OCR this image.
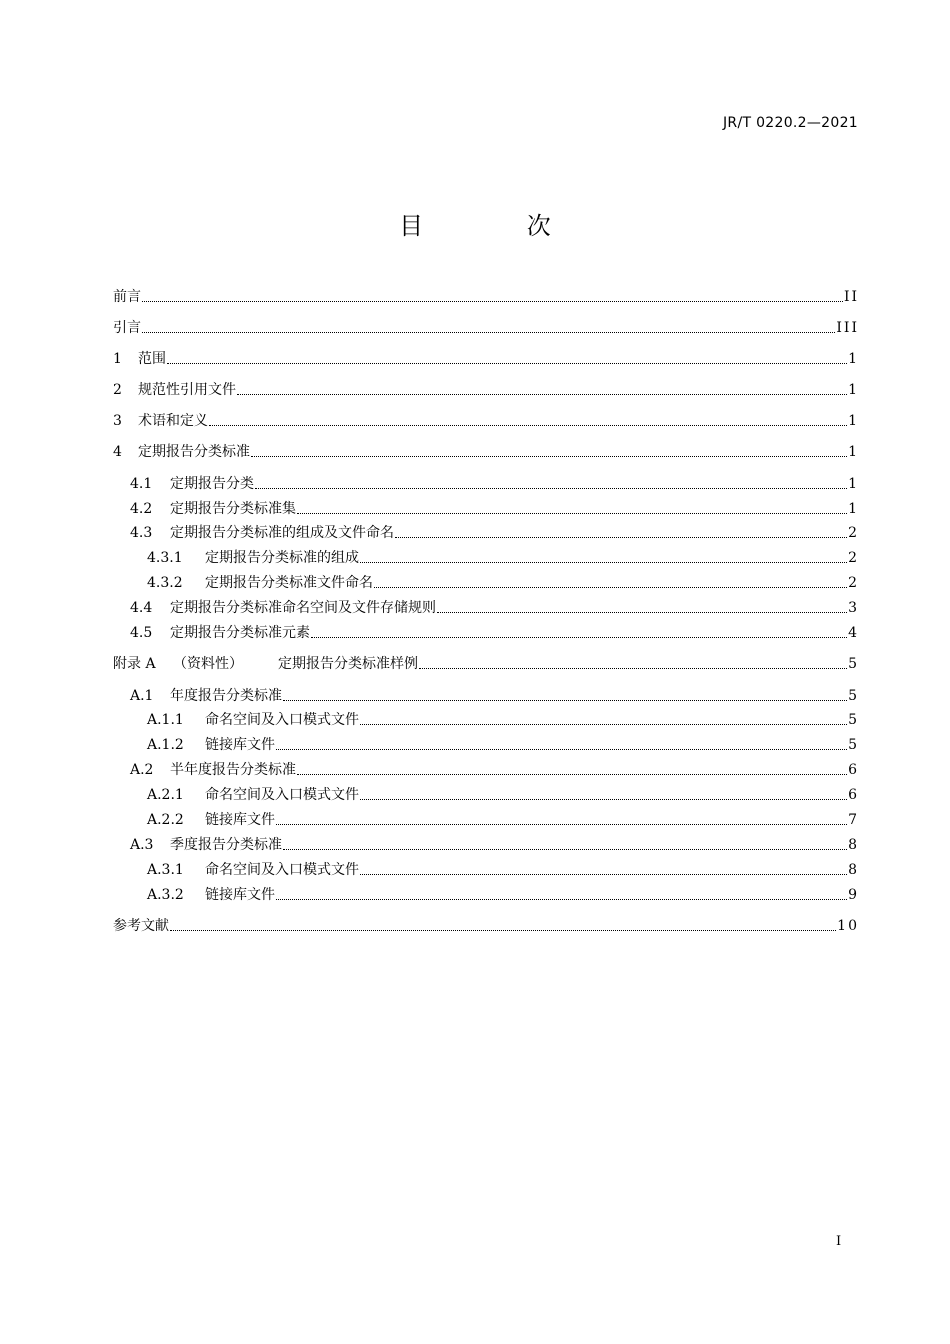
JR/T 0220.2—2021
目 次
前言	II
引言	III
1	范围	1
2	规范性引用文件	1
3	术语和定义	1
4	定期报告分类标准	1
4.1	定期报告分类	1
4.2	定期报告分类标准集	1
4.3	定期报告分类标准的组成及文件命名	2
4.3.1	定期报告分类标准的组成	2
4.3.2	定期报告分类标准文件命名	2
4.4	定期报告分类标准命名空间及文件存储规则	3
4.5	定期报告分类标准元素	4
附录 A	（资料性）	定期报告分类标准样例	5
A.1	年度报告分类标准	5
A.1.1	命名空间及入口模式文件	5
A.1.2	链接库文件	5
A.2	半年度报告分类标准	6
A.2.1	命名空间及入口模式文件	6
A.2.2	链接库文件	7
A.3	季度报告分类标准	8
A.3.1	命名空间及入口模式文件	8
A.3.2	链接库文件	9
参考文献	10
I
